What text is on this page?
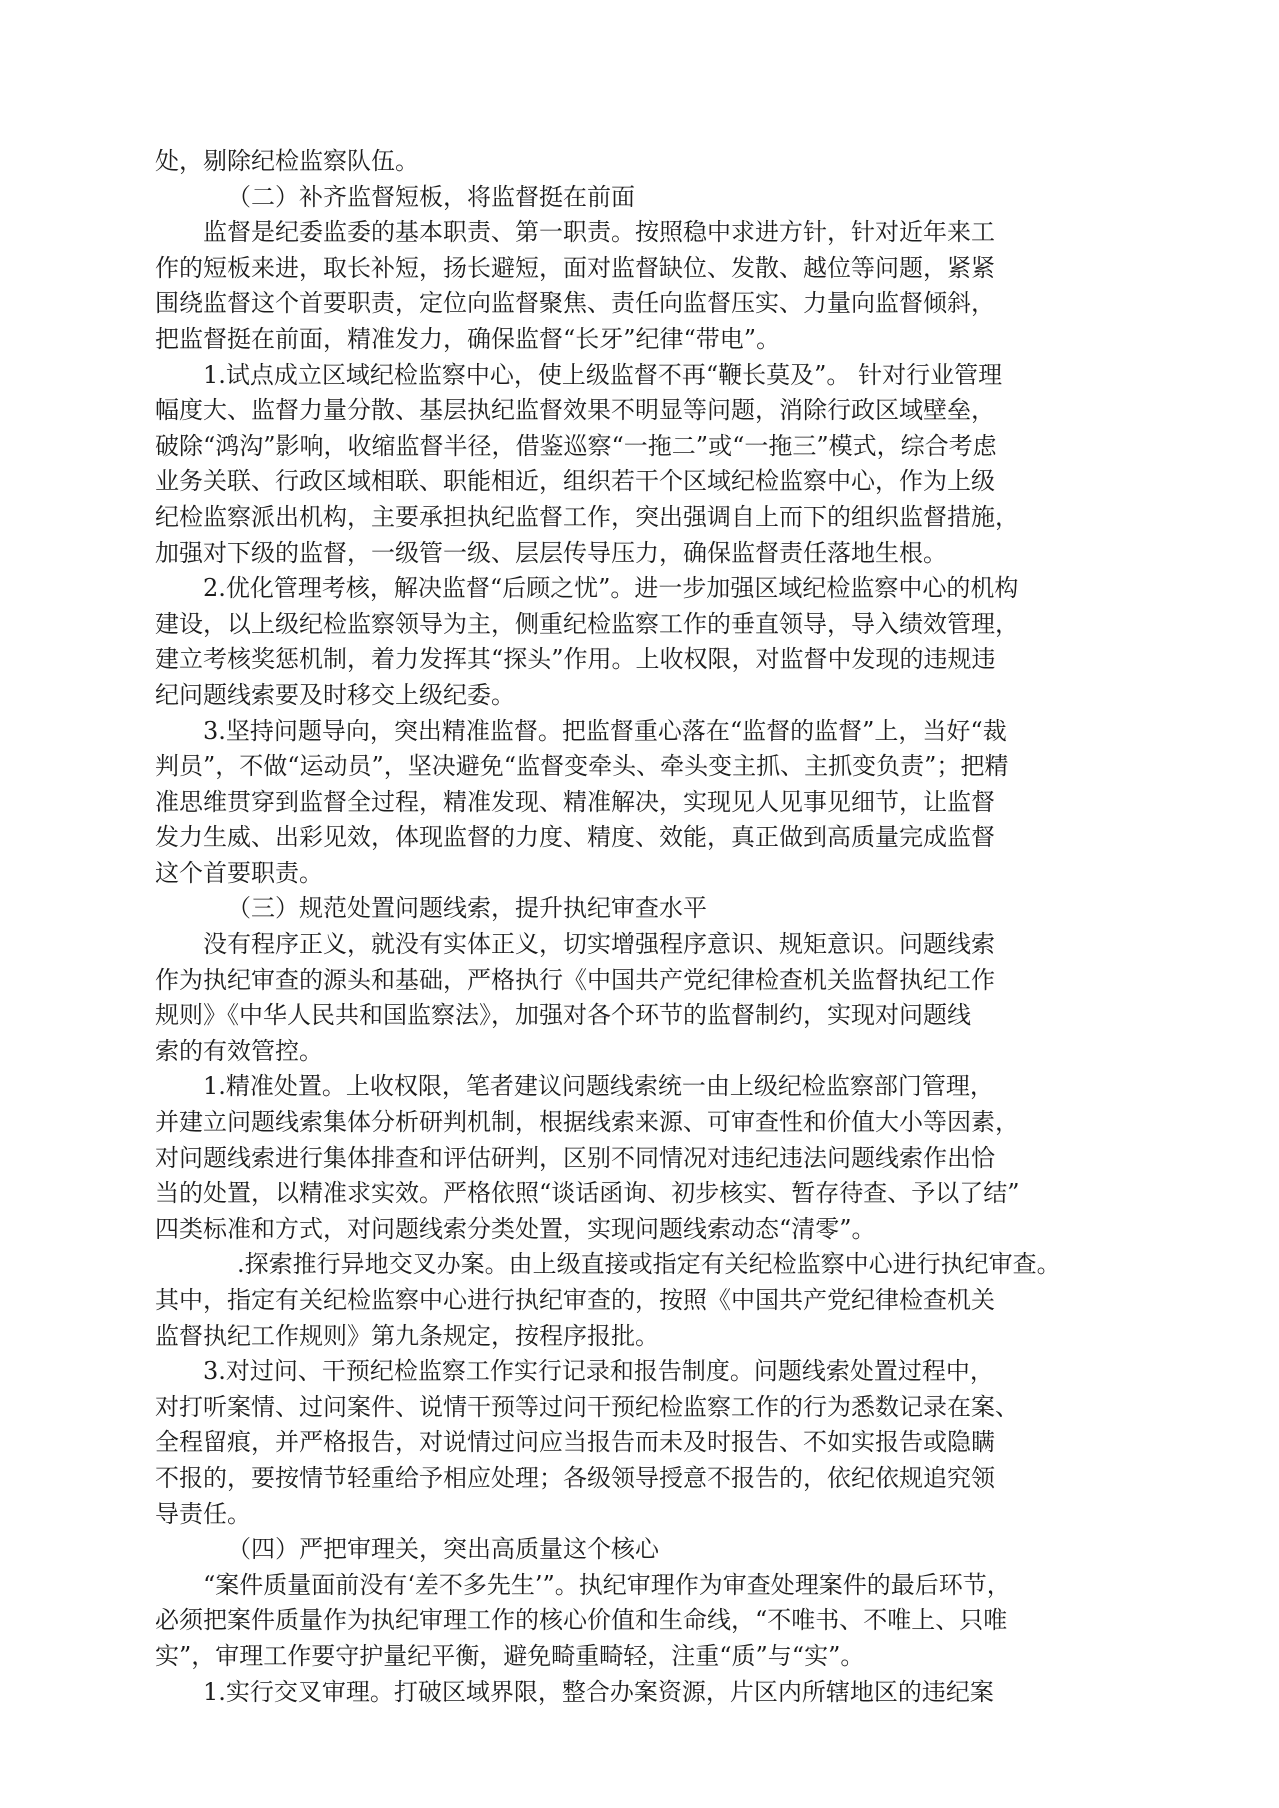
处，剔除纪检监察队伍。
（二）补齐监督短板，将监督挺在前面
监督是纪委监委的基本职责、第一职责。按照稳中求进方针，针对近年来工
作的短板来进，取长补短，扬长避短，面对监督缺位、发散、越位等问题，紧紧
围绕监督这个首要职责，定位向监督聚焦、责任向监督压实、力量向监督倾斜，
把监督挺在前面，精准发力，确保监督“长牙”纪律“带电”。
1.试点成立区域纪检监察中心，使上级监督不再“鞭长莫及”。 针对行业管理
幅度大、监督力量分散、基层执纪监督效果不明显等问题，消除行政区域壁垒，
破除“鸿沟”影响，收缩监督半径，借鉴巡察“一拖二”或“一拖三”模式，综合考虑
业务关联、行政区域相联、职能相近，组织若干个区域纪检监察中心，作为上级
纪检监察派出机构，主要承担执纪监督工作，突出强调自上而下的组织监督措施，
加强对下级的监督，一级管一级、层层传导压力，确保监督责任落地生根。
2.优化管理考核，解决监督“后顾之忧”。进一步加强区域纪检监察中心的机构
建设，以上级纪检监察领导为主，侧重纪检监察工作的垂直领导，导入绩效管理，
建立考核奖惩机制，着力发挥其“探头”作用。上收权限，对监督中发现的违规违
纪问题线索要及时移交上级纪委。
3.坚持问题导向，突出精准监督。把监督重心落在“监督的监督”上，当好“裁
判员”，不做“运动员”，坚决避免“监督变牵头、牵头变主抓、主抓变负责”；把精
准思维贯穿到监督全过程，精准发现、精准解决，实现见人见事见细节，让监督
发力生威、出彩见效，体现监督的力度、精度、效能，真正做到高质量完成监督
这个首要职责。
（三）规范处置问题线索，提升执纪审查水平
没有程序正义，就没有实体正义，切实增强程序意识、规矩意识。问题线索
作为执纪审查的源头和基础，严格执行《中国共产党纪律检查机关监督执纪工作
规则》《中华人民共和国监察法》，加强对各个环节的监督制约，实现对问题线
索的有效管控。
1.精准处置。上收权限，笔者建议问题线索统一由上级纪检监察部门管理，
并建立问题线索集体分析研判机制，根据线索来源、可审查性和价值大小等因素，
对问题线索进行集体排查和评估研判，区别不同情况对违纪违法问题线索作出恰
当的处置，以精准求实效。严格依照“谈话函询、初步核实、暂存待查、予以了结”
四类标准和方式，对问题线索分类处置，实现问题线索动态“清零”。
.探索推行异地交叉办案。由上级直接或指定有关纪检监察中心进行执纪审查。
其中，指定有关纪检监察中心进行执纪审查的，按照《中国共产党纪律检查机关
监督执纪工作规则》第九条规定，按程序报批。
3.对过问、干预纪检监察工作实行记录和报告制度。问题线索处置过程中，
对打听案情、过问案件、说情干预等过问干预纪检监察工作的行为悉数记录在案、
全程留痕，并严格报告，对说情过问应当报告而未及时报告、不如实报告或隐瞒
不报的，要按情节轻重给予相应处理；各级领导授意不报告的，依纪依规追究领
导责任。
（四）严把审理关，突出高质量这个核心
“案件质量面前没有‘差不多先生’”。执纪审理作为审查处理案件的最后环节，
必须把案件质量作为执纪审理工作的核心价值和生命线，“不唯书、不唯上、只唯
实”，审理工作要守护量纪平衡，避免畸重畸轻，注重“质”与“实”。
1.实行交叉审理。打破区域界限，整合办案资源，片区内所辖地区的违纪案
